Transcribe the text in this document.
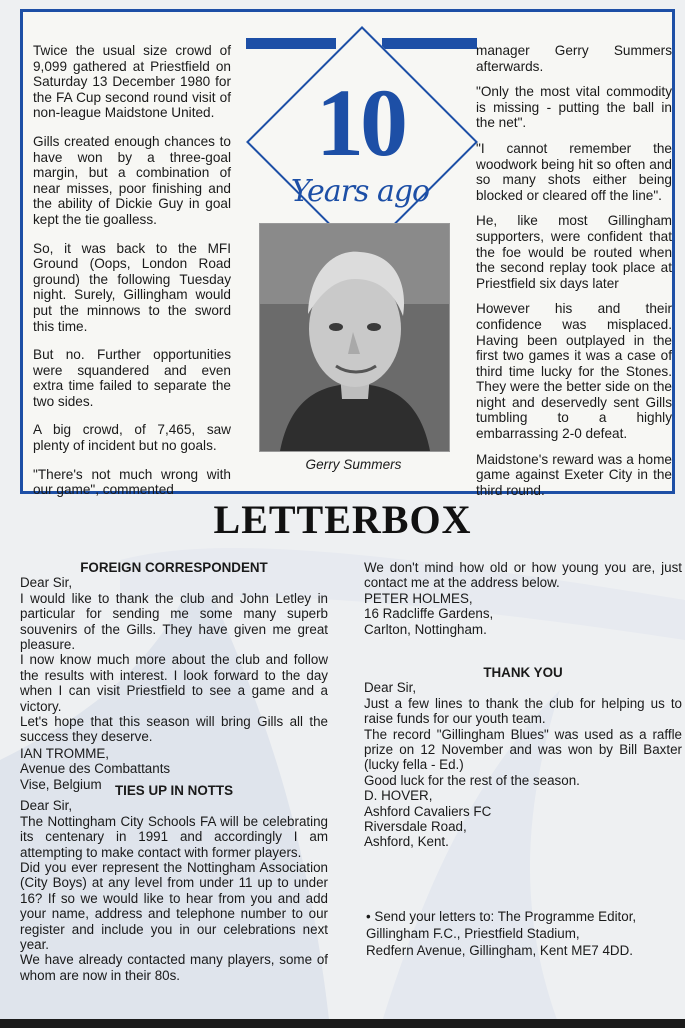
Twice the usual size crowd of 9,099 gathered at Priestfield on Saturday 13 December 1980 for the FA Cup second round visit of non-league Maidstone United.

Gills created enough chances to have won by a three-goal margin, but a combination of near misses, poor finishing and the ability of Dickie Guy in goal kept the tie goalless.

So, it was back to the MFI Ground (Oops, London Road ground) the following Tuesday night. Surely, Gillingham would put the minnows to the sword this time.

But no. Further opportunities were squandered and even extra time failed to separate the two sides.

A big crowd, of 7,465, saw plenty of incident but no goals.

"There's not much wrong with our game", commented

10
Years ago
Gerry Summers

manager Gerry Summers afterwards.

"Only the most vital commodity is missing - putting the ball in the net".

"I cannot remember the woodwork being hit so often and so many shots either being blocked or cleared off the line".

He, like most Gillingham supporters, were confident that the foe would be routed when the second replay took place at Priestfield six days later

However his and their confidence was misplaced. Having been outplayed in the first two games it was a case of third time lucky for the Stones. They were the better side on the night and deservedly sent Gills tumbling to a highly embarrassing 2-0 defeat.

Maidstone's reward was a home game against Exeter City in the third round.

LETTERBOX

FOREIGN CORRESPONDENT

Dear Sir,

I would like to thank the club and John Letley in particular for sending me some many superb souvenirs of the Gills. They have given me great pleasure.

I now know much more about the club and follow the results with interest. I look forward to the day when I can visit Priestfield to see a game and a victory.

Let's hope that this season will bring Gills all the success they deserve.

IAN TROMME,

Avenue des Combattants

Vise, Belgium TIES UP IN NOTTS

Dear Sir,

The Nottingham City Schools FA will be celebrating its centenary in 1991 and accordingly I am attempting to make contact with former players.

Did you ever represent the Nottingham Association (City Boys) at any level from under 11 up to under 16? If so we would like to hear from you and add your name, address and telephone number to our register and include you in our celebrations next year.

We have already contacted many players, some of whom are now in their 80s.

We don't mind how old or how young you are, just contact me at the address below.

PETER HOLMES,

16 Radcliffe Gardens,

Carlton, Nottingham.

THANK YOU

Dear Sir,

Just a few lines to thank the club for helping us to raise funds for our youth team.

The record "Gillingham Blues" was used as a raffle prize on 12 November and was won by Bill Baxter (lucky fella - Ed.)

Good luck for the rest of the season.

D. HOVER,

Ashford Cavaliers FC

Riversdale Road,

Ashford, Kent.

• Send your letters to: The Programme Editor,

Gillingham F.C., Priestfield Stadium,

Redfern Avenue, Gillingham, Kent ME7 4DD.
